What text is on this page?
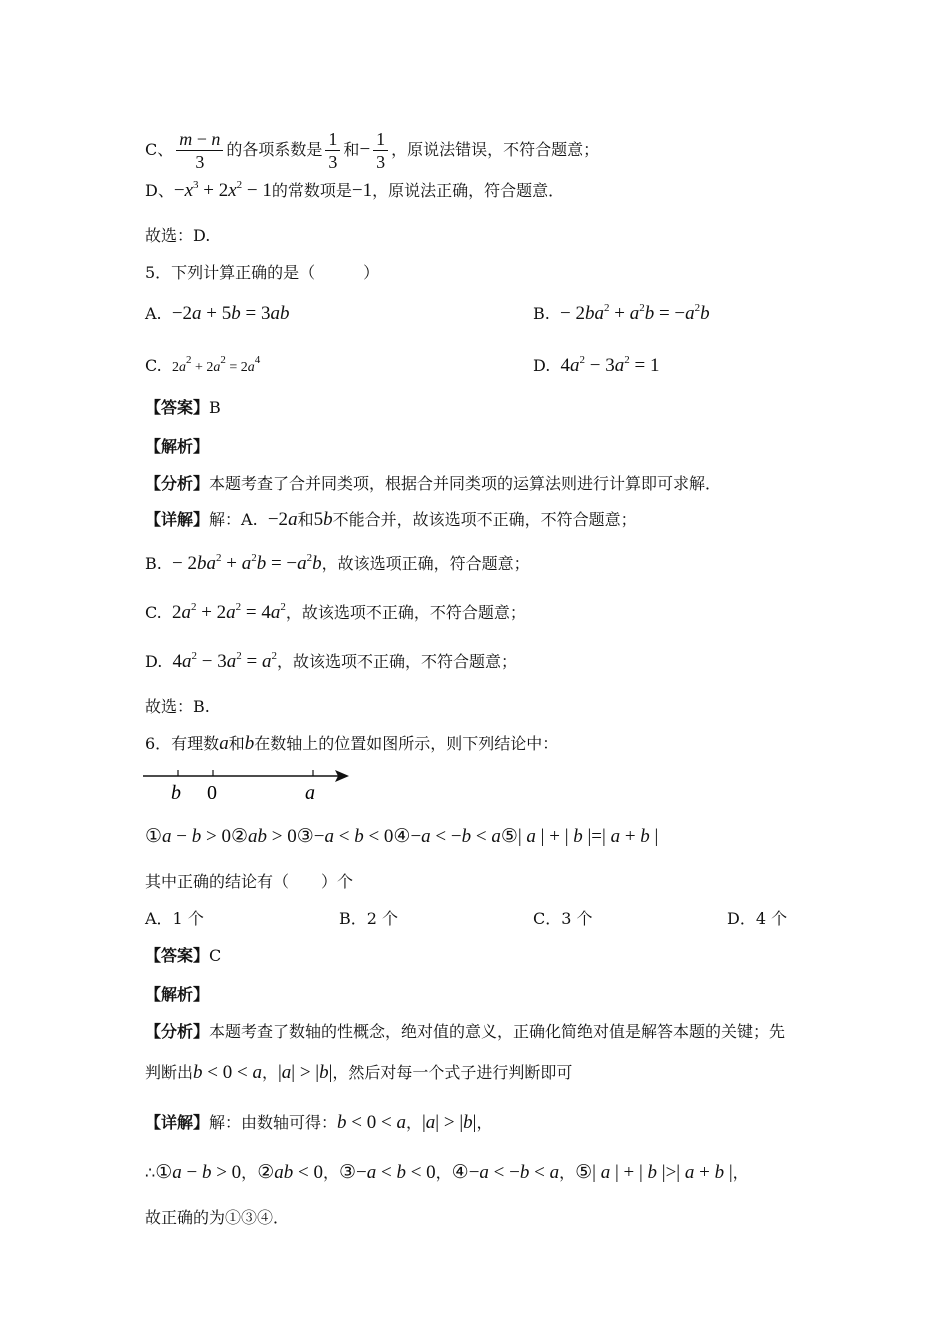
C、 $\frac{m - n}{3}$ 的各项系数是 $\frac{1}{3}$ 和− $\frac{1}{3}$ ，原说法错误，不符合题意；
D、$-x^3 + 2x^2 - 1$的常数项是−1，原说法正确，符合题意．
故选：D.
5．下列计算正确的是（　　　）
A. −2a + 5b = 3ab	B. − $2ba^2 + a^2b = -a^2b$
C. $2a^2 + 2a^2 = 2a^4$	D. $4a^2 - 3a^2 = 1$
【答案】B
【解析】
【分析】本题考查了合并同类项，根据合并同类项的运算法则进行计算即可求解．
【详解】解：A. −2a和5b不能合并，故该选项不正确，不符合题意；
B. − $2ba^2 + a^2b = -a^2b$，故该选项正确，符合题意；
C. $2a^2 + 2a^2 = 4a^2$，故该选项不正确，不符合题意；
D. $4a^2 - 3a^2 = a^2$，故该选项不正确，不符合题意；
故选：B.
6．有理数a和b在数轴上的位置如图所示，则下列结论中：
b 0	a
①a − b > 0②ab > 0③−a < b < 0④−a < −b < a⑤| a | + | b |=| a + b |
其中正确的结论有（　　）个
A．1 个	B．2 个	C．3 个	D．4 个
【答案】C
【解析】
【分析】本题考查了数轴的性概念，绝对值的意义，正确化简绝对值是解答本题的关键；先
判断出b < 0 < a，|a| > |b|，然后对每一个式子进行判断即可
【详解】解：由数轴可得：b < 0 < a，|a| > |b|，
∴①a − b > 0，②ab < 0，③−a < b < 0，④−a < −b < a，⑤| a | + | b |>| a + b |，
故正确的为①③④．
